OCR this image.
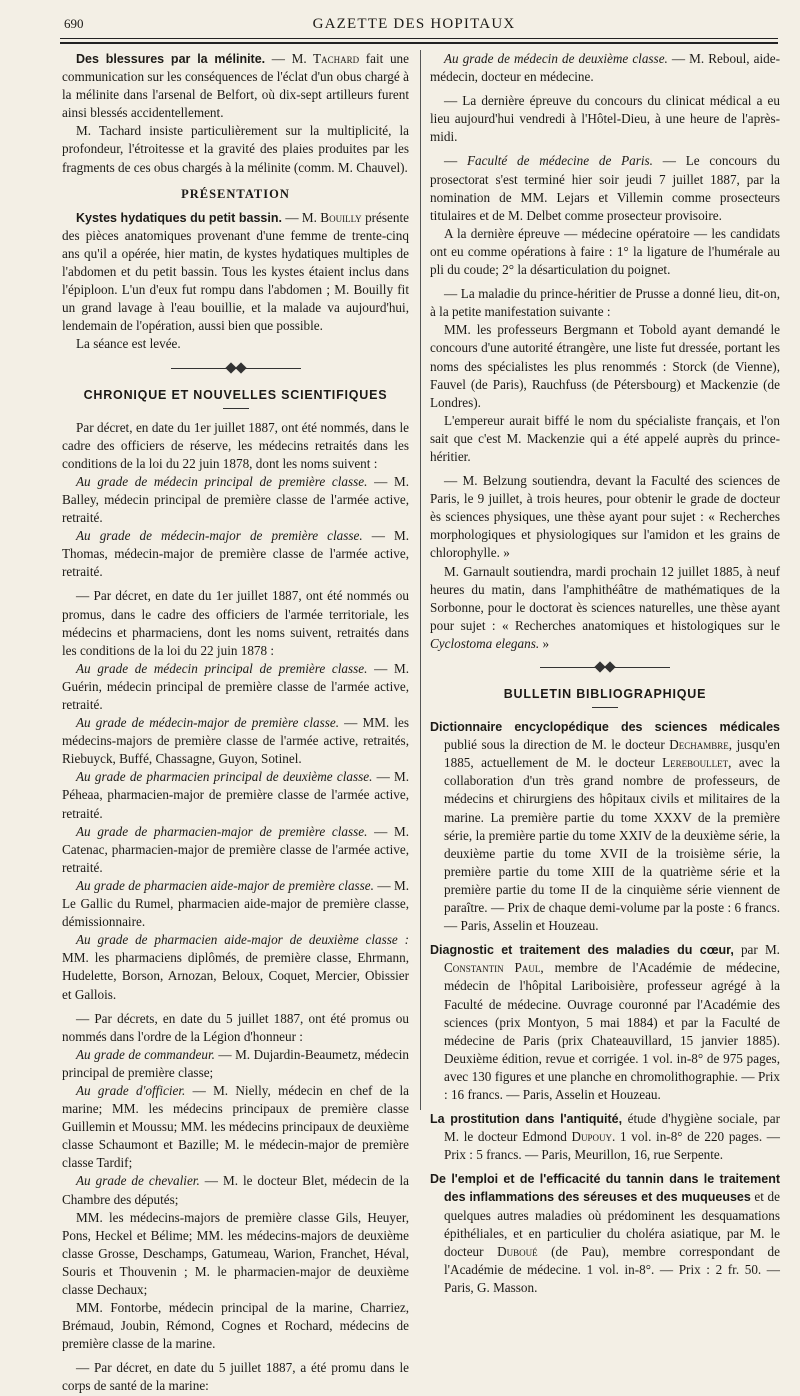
690	GAZETTE DES HOPITAUX

Des blessures par la mélinite. — M. Tachard fait une communication sur les conséquences de l'éclat d'un obus chargé à la mélinite dans l'arsenal de Belfort, où dix-sept artilleurs furent ainsi blessés accidentellement.

M. Tachard insiste particulièrement sur la multiplicité, la profondeur, l'étroitesse et la gravité des plaies produites par les fragments de ces obus chargés à la mélinite (comm. M. Chauvel).

PRÉSENTATION

Kystes hydatiques du petit bassin. — M. Bouilly présente des pièces anatomiques provenant d'une femme de trente-cinq ans qu'il a opérée, hier matin, de kystes hydatiques multiples de l'abdomen et du petit bassin. Tous les kystes étaient inclus dans l'épiploon. L'un d'eux fut rompu dans l'abdomen ; M. Bouilly fit un grand lavage à l'eau bouillie, et la malade va aujourd'hui, lendemain de l'opération, aussi bien que possible.

La séance est levée.

CHRONIQUE ET NOUVELLES SCIENTIFIQUES

Par décret, en date du 1er juillet 1887, ont été nommés, dans le cadre des officiers de réserve, les médecins retraités dans les conditions de la loi du 22 juin 1878, dont les noms suivent :

Au grade de médecin principal de première classe. — M. Balley, médecin principal de première classe de l'armée active, retraité.

Au grade de médecin-major de première classe. — M. Thomas, médecin-major de première classe de l'armée active, retraité.

— Par décret, en date du 1er juillet 1887, ont été nommés ou promus, dans le cadre des officiers de l'armée territoriale, les médecins et pharmaciens, dont les noms suivent, retraités dans les conditions de la loi du 22 juin 1878 :

Au grade de médecin principal de première classe. — M. Guérin, médecin principal de première classe de l'armée active, retraité.

Au grade de médecin-major de première classe. — MM. les médecins-majors de première classe de l'armée active, retraités, Riebuyck, Buffé, Chassagne, Guyon, Sotinel.

Au grade de pharmacien principal de deuxième classe. — M. Péheaa, pharmacien-major de première classe de l'armée active, retraité.

Au grade de pharmacien-major de première classe. — M. Catenac, pharmacien-major de première classe de l'armée active, retraité.

Au grade de pharmacien aide-major de première classe. — M. Le Gallic du Rumel, pharmacien aide-major de première classe, démissionnaire.

Au grade de pharmacien aide-major de deuxième classe : MM. les pharmaciens diplômés, de première classe, Ehrmann, Hudelette, Borson, Arnozan, Beloux, Coquet, Mercier, Obissier et Gallois.

— Par décrets, en date du 5 juillet 1887, ont été promus ou nommés dans l'ordre de la Légion d'honneur :

Au grade de commandeur. — M. Dujardin-Beaumetz, médecin principal de première classe;

Au grade d'officier. — M. Nielly, médecin en chef de la marine; MM. les médecins principaux de première classe Guillemin et Moussu; MM. les médecins principaux de deuxième classe Schaumont et Bazille; M. le médecin-major de première classe Tardif;

Au grade de chevalier. — M. le docteur Blet, médecin de la Chambre des députés;

MM. les médecins-majors de première classe Gils, Heuyer, Pons, Heckel et Bélime; MM. les médecins-majors de deuxième classe Grosse, Deschamps, Gatumeau, Warion, Franchet, Héval, Souris et Thouvenin ; M. le pharmacien-major de deuxième classe Dechaux;

MM. Fontorbe, médecin principal de la marine, Charriez, Brémaud, Joubin, Rémond, Cognes et Rochard, médecins de première classe de la marine.

— Par décret, en date du 5 juillet 1887, a été promu dans le corps de santé de la marine:

Au grade de médecin de deuxième classe. — M. Reboul, aide-médecin, docteur en médecine.

— La dernière épreuve du concours du clinicat médical a eu lieu aujourd'hui vendredi à l'Hôtel-Dieu, à une heure de l'après-midi.

— Faculté de médecine de Paris. — Le concours du prosectorat s'est terminé hier soir jeudi 7 juillet 1887, par la nomination de MM. Lejars et Villemin comme prosecteurs titulaires et de M. Delbet comme prosecteur provisoire.

A la dernière épreuve — médecine opératoire — les candidats ont eu comme opérations à faire : 1° la ligature de l'humérale au pli du coude; 2° la désarticulation du poignet.

— La maladie du prince-héritier de Prusse a donné lieu, dit-on, à la petite manifestation suivante :

MM. les professeurs Bergmann et Tobold ayant demandé le concours d'une autorité étrangère, une liste fut dressée, portant les noms des spécialistes les plus renommés : Storck (de Vienne), Fauvel (de Paris), Rauchfuss (de Pétersbourg) et Mackenzie (de Londres).

L'empereur aurait biffé le nom du spécialiste français, et l'on sait que c'est M. Mackenzie qui a été appelé auprès du prince-héritier.

— M. Belzung soutiendra, devant la Faculté des sciences de Paris, le 9 juillet, à trois heures, pour obtenir le grade de docteur ès sciences physiques, une thèse ayant pour sujet : « Recherches morphologiques et physiologiques sur l'amidon et les grains de chlorophylle. »

M. Garnault soutiendra, mardi prochain 12 juillet 1885, à neuf heures du matin, dans l'amphithéâtre de mathématiques de la Sorbonne, pour le doctorat ès sciences naturelles, une thèse ayant pour sujet : « Recherches anatomiques et histologiques sur le Cyclostoma elegans. »

BULLETIN BIBLIOGRAPHIQUE

Dictionnaire encyclopédique des sciences médicales publié sous la direction de M. le docteur Dechambre, jusqu'en 1885, actuellement de M. le docteur Lereboullet, avec la collaboration d'un très grand nombre de professeurs, de médecins et chirurgiens des hôpitaux civils et militaires de la marine. La première partie du tome XXXV de la première série, la première partie du tome XXIV de la deuxième série, la deuxième partie du tome XVII de la troisième série, la première partie du tome XIII de la quatrième série et la première partie du tome II de la cinquième série viennent de paraître. — Prix de chaque demi-volume par la poste : 6 francs. — Paris, Asselin et Houzeau.

Diagnostic et traitement des maladies du cœur, par M. Constantin Paul, membre de l'Académie de médecine, médecin de l'hôpital Lariboisière, professeur agrégé à la Faculté de médecine. Ouvrage couronné par l'Académie des sciences (prix Montyon, 5 mai 1884) et par la Faculté de médecine de Paris (prix Chateauvillard, 15 janvier 1885). Deuxième édition, revue et corrigée. 1 vol. in-8° de 975 pages, avec 130 figures et une planche en chromolithographie. — Prix : 16 francs. — Paris, Asselin et Houzeau.

La prostitution dans l'antiquité, étude d'hygiène sociale, par M. le docteur Edmond Dupouy. 1 vol. in-8° de 220 pages. — Prix : 5 francs. — Paris, Meurillon, 16, rue Serpente.

De l'emploi et de l'efficacité du tannin dans le traitement des inflammations des séreuses et des muqueuses et de quelques autres maladies où prédominent les desquamations épithéliales, et en particulier du choléra asiatique, par M. le docteur Duboué (de Pau), membre correspondant de l'Académie de médecine. 1 vol. in-8°. — Prix : 2 fr. 50. — Paris, G. Masson.
